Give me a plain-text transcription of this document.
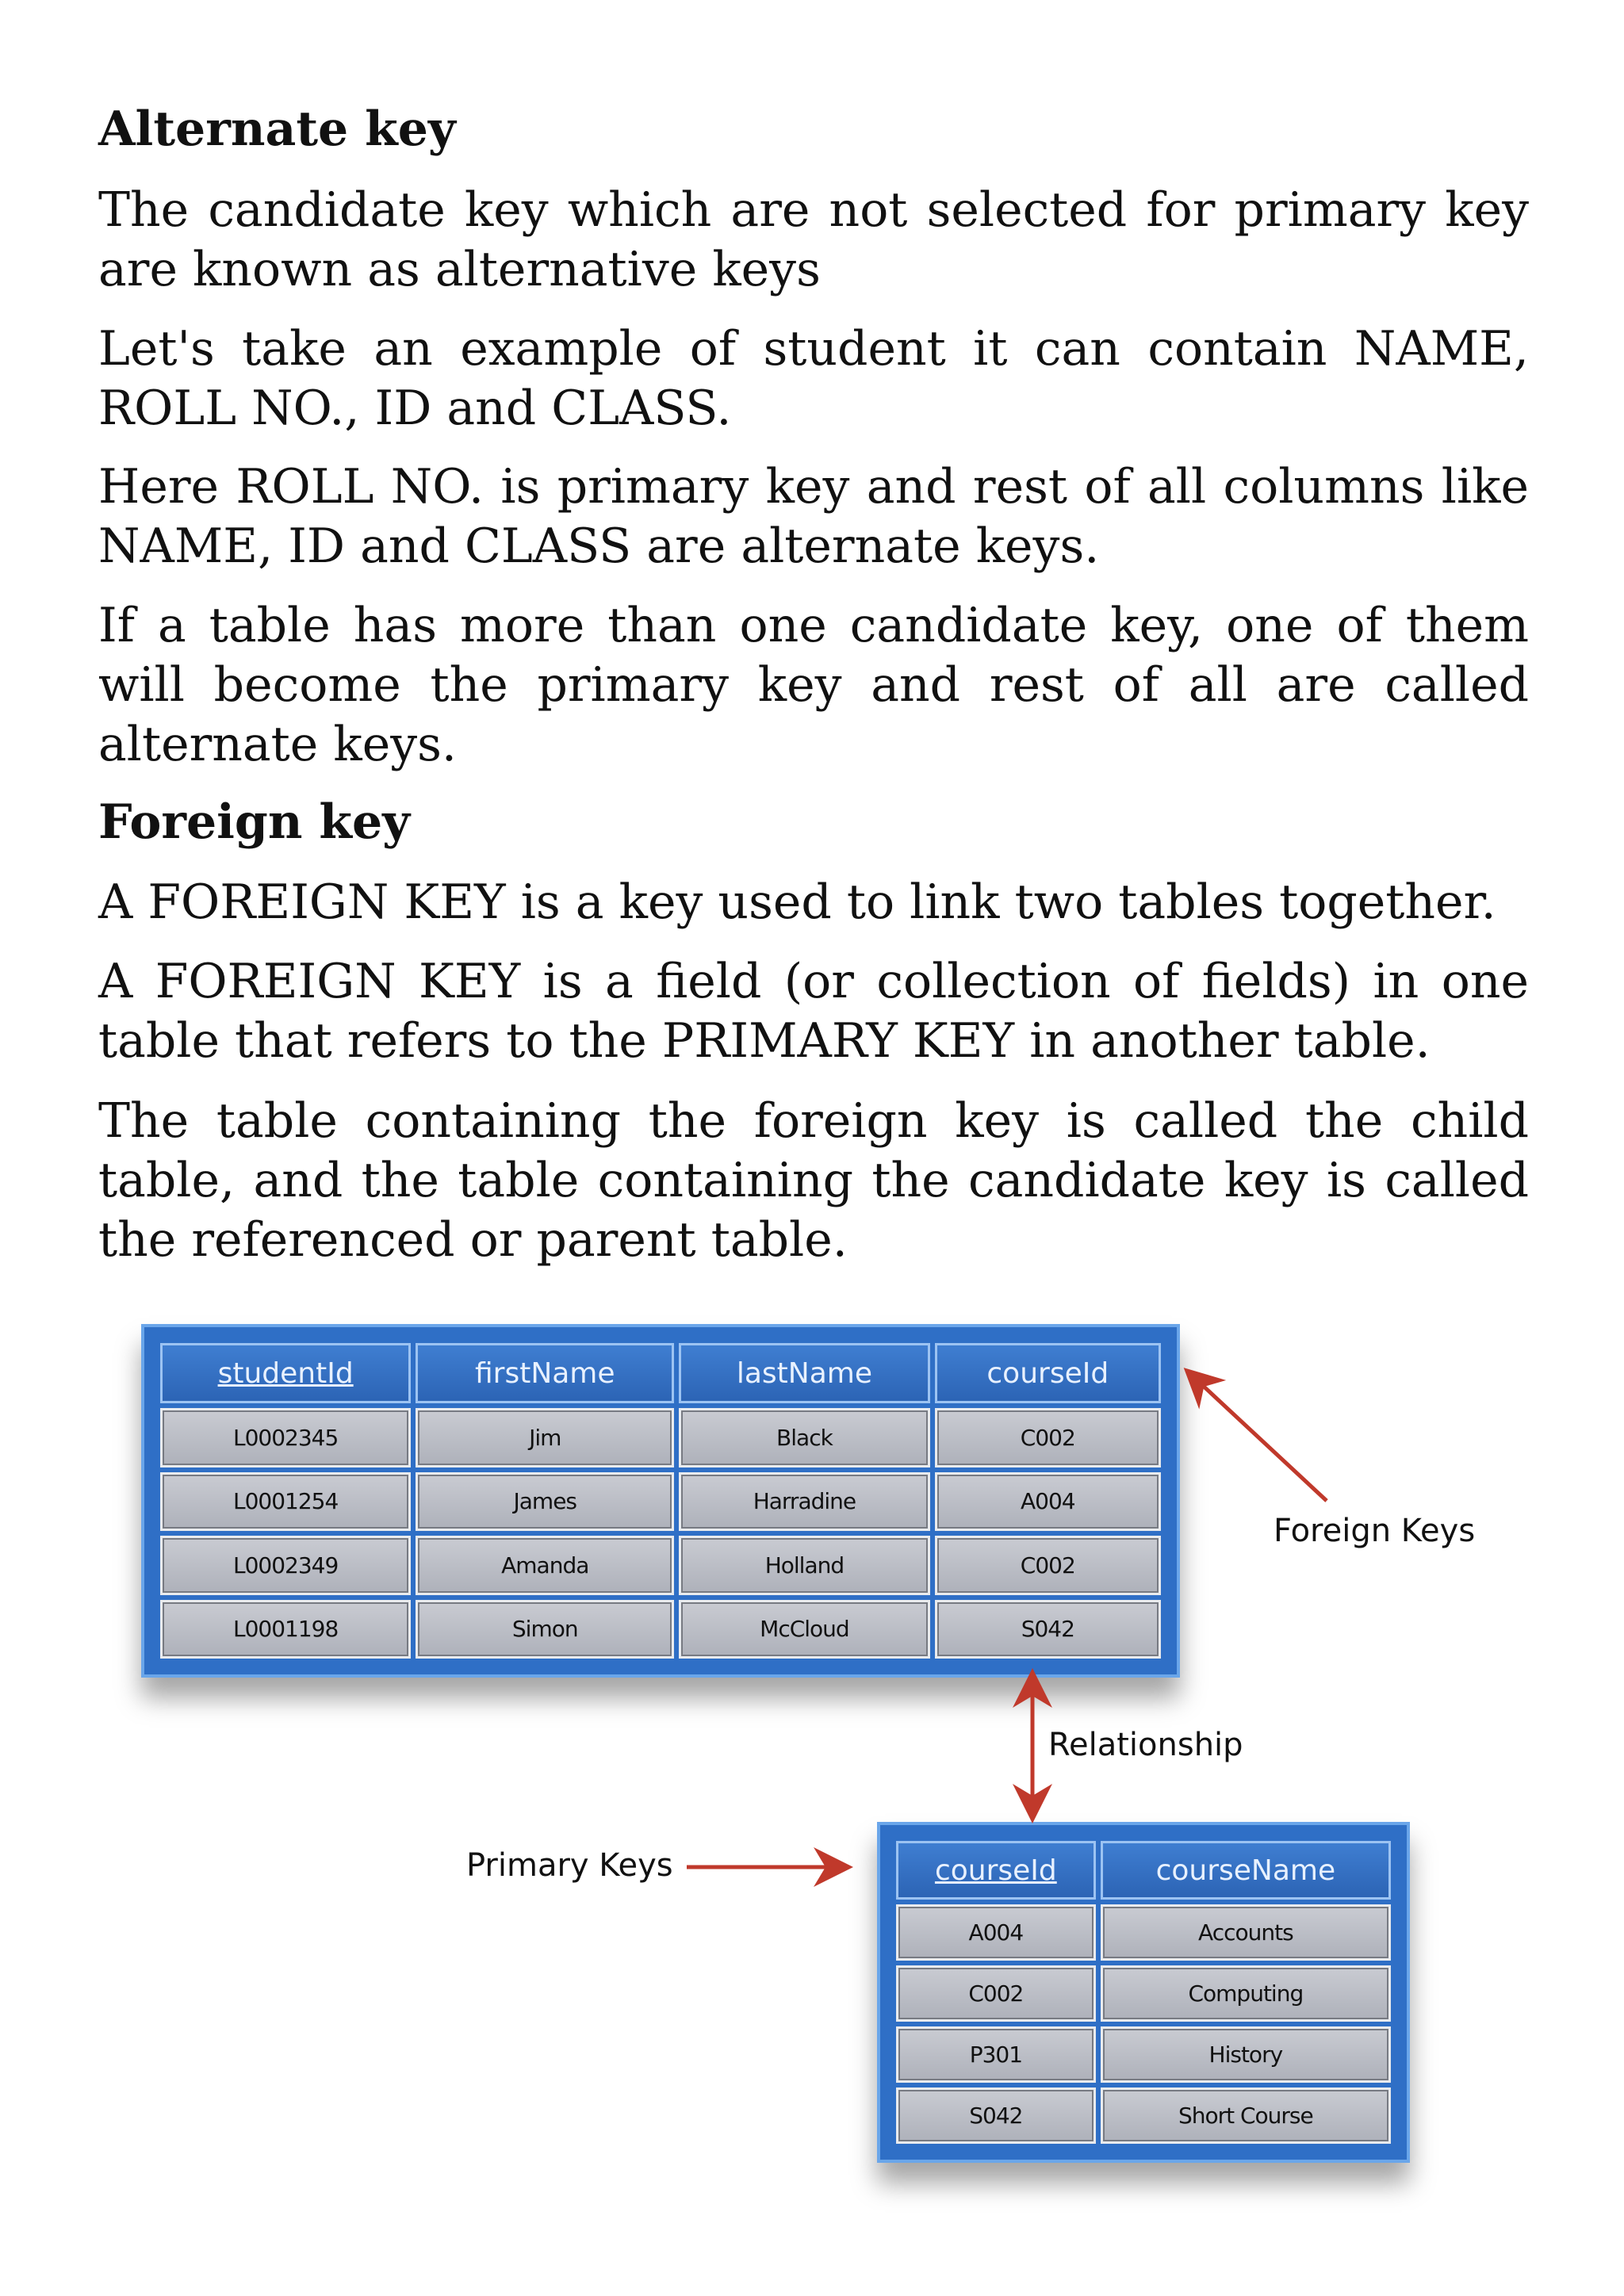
Alternate key

The candidate key which are not selected for primary key are known as alternative keys

Let's take an example of student it can contain NAME, ROLL NO., ID and CLASS.

Here ROLL NO. is primary key and rest of all columns like NAME, ID and CLASS are alternate keys.

If a table has more than one candidate key, one of them will become the primary key and rest of all are called alternate keys.

Foreign key

A FOREIGN KEY is a key used to link two tables together.

A FOREIGN KEY is a field (or collection of fields) in one table that refers to the PRIMARY KEY in another table.

The table containing the foreign key is called the child table, and the table containing the candidate key is called the referenced or parent table.

studentId	firstName	lastName	courseId
L0002345	Jim	Black	C002
L0001254	James	Harradine	A004
L0002349	Amanda	Holland	C002
L0001198	Simon	McCloud	S042
courseId	courseName
A004	Accounts
C002	Computing
P301	History
S042	Short Course
Foreign Keys
Relationship
Primary Keys
